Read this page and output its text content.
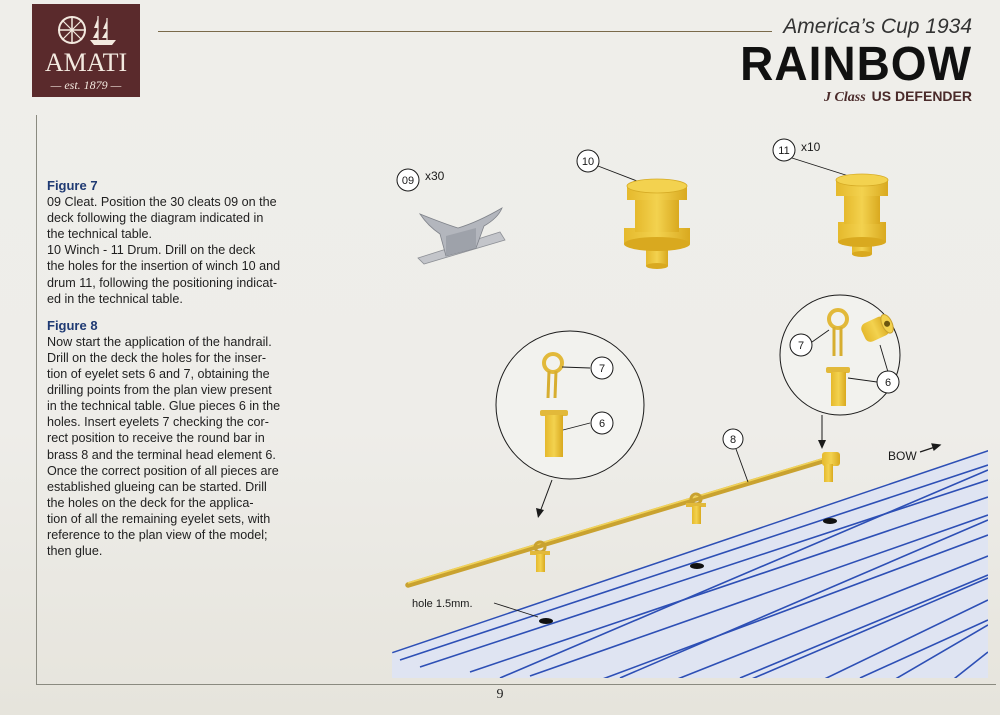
AMATI
— est. 1879 —
America’s Cup 1934
RAINBOW
J Class US DEFENDER
Figure 7

09 Cleat. Position the 30 cleats 09 on the

deck following the diagram indicated in

the technical table.

10 Winch - 11 Drum. Drill on the deck

the holes for the insertion of winch 10 and

drum 11, following the positioning indicat-

ed in the technical table.

Figure 8

Now start the application of the handrail.

Drill on the deck the holes for the inser-

tion of eyelet sets 6 and 7, obtaining the

drilling points from the plan view present

in the technical table. Glue pieces 6 in the

holes. Insert eyelets 7 checking the cor-

rect position to receive the round bar in

brass 8 and the terminal head element 6.

Once the correct position of all pieces are

established glueing can be started. Drill

the holes on the deck for the applica-

tion of all the remaining eyelet sets, with

reference to the plan view of the model;

then glue.

BOW
hole 1.5mm.
8
7
6
7
6
09 x30
10
11 x10
9
